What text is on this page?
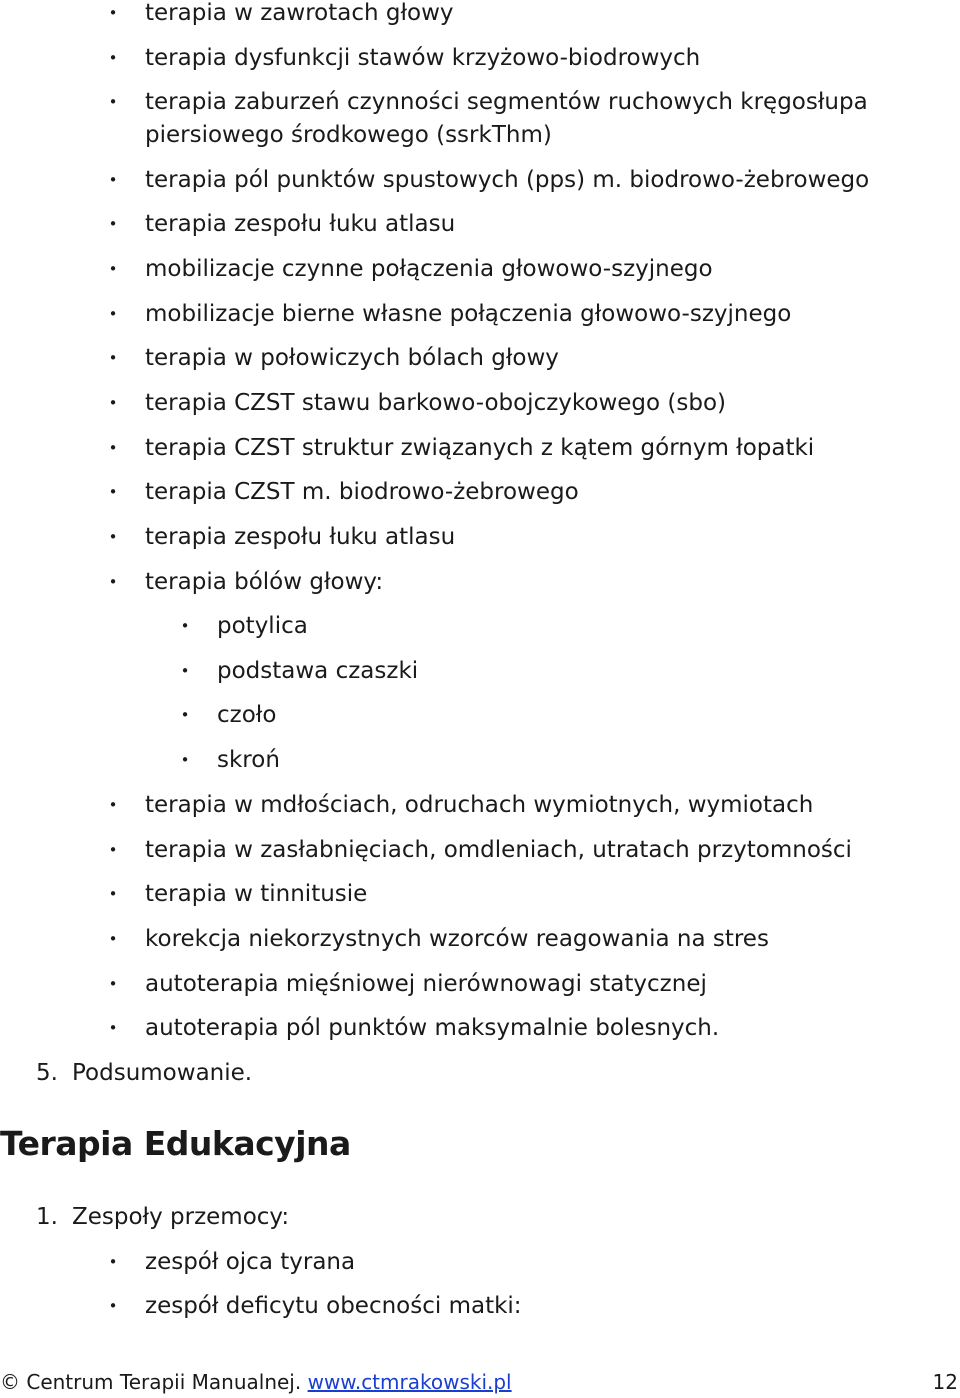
• terapia w zawrotach głowy
• terapia dysfunkcji stawów krzyżowo-biodrowych
• terapia zaburzeń czynności segmentów ruchowych kręgosłupa piersiowego środkowego (ssrkThm)
• terapia pól punktów spustowych (pps) m. biodrowo-żebrowego
• terapia zespołu łuku atlasu
• mobilizacje czynne połączenia głowowo-szyjnego
• mobilizacje bierne własne połączenia głowowo-szyjnego
• terapia w połowiczych bólach głowy
• terapia CZST stawu barkowo-obojczykowego (sbo)
• terapia CZST struktur związanych z kątem górnym łopatki
• terapia CZST m. biodrowo-żebrowego
• terapia zespołu łuku atlasu
• terapia bólów głowy:
• potylica
• podstawa czaszki
• czoło
• skroń
• terapia w mdłościach, odruchach wymiotnych, wymiotach
• terapia w zasłabnięciach, omdleniach, utratach przytomności
• terapia w tinnitusie
• korekcja niekorzystnych wzorców reagowania na stres
• autoterapia mięśniowej nierównowagi statycznej
• autoterapia pól punktów maksymalnie bolesnych.
5. Podsumowanie.
Terapia Edukacyjna
1. Zespoły przemocy:
• zespół ojca tyrana
• zespół deficytu obecności matki:
© Centrum Terapii Manualnej. www.ctmrakowski.pl	12
